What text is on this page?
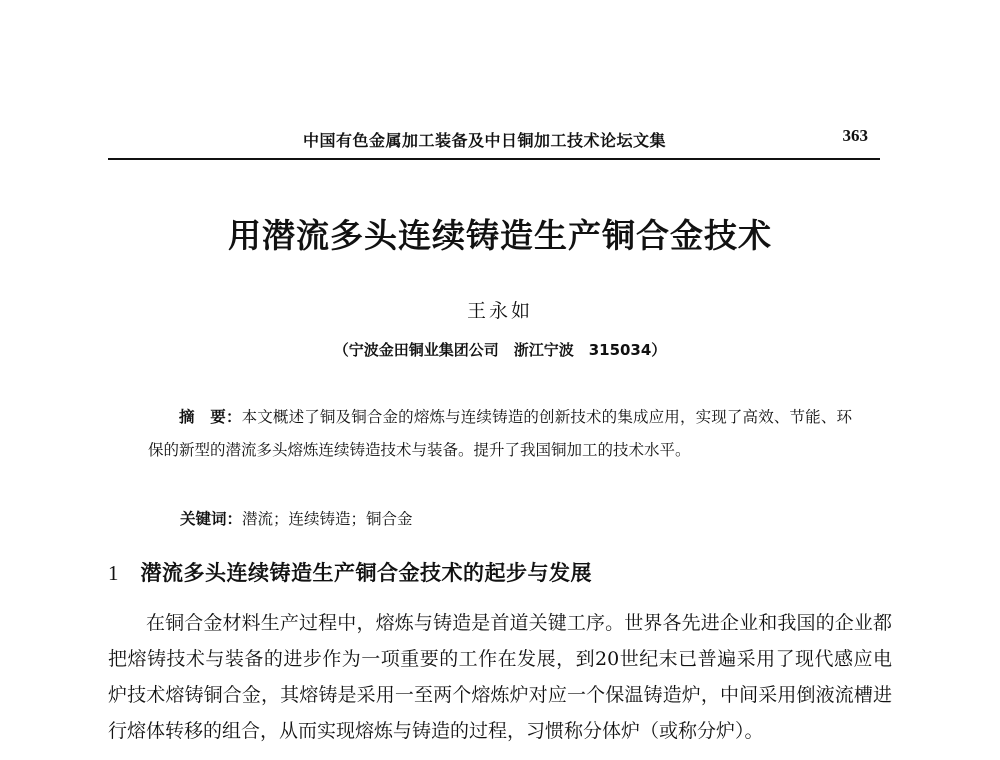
中国有色金属加工装备及中日铜加工技术论坛文集	363
用潜流多头连续铸造生产铜合金技术
王永如
（宁波金田铜业集团公司　浙江宁波　315034）
摘　要：本文概述了铜及铜合金的熔炼与连续铸造的创新技术的集成应用，实现了高效、节能、环保的新型的潜流多头熔炼连续铸造技术与装备。提升了我国铜加工的技术水平。
关键词：潜流；连续铸造；铜合金
1 潜流多头连续铸造生产铜合金技术的起步与发展
在铜合金材料生产过程中，熔炼与铸造是首道关键工序。世界各先进企业和我国的企业都把熔铸技术与装备的进步作为一项重要的工作在发展，到20世纪末已普遍采用了现代感应电炉技术熔铸铜合金，其熔铸是采用一至两个熔炼炉对应一个保温铸造炉，中间采用倒液流槽进行熔体转移的组合，从而实现熔炼与铸造的过程，习惯称分体炉（或称分炉）。
